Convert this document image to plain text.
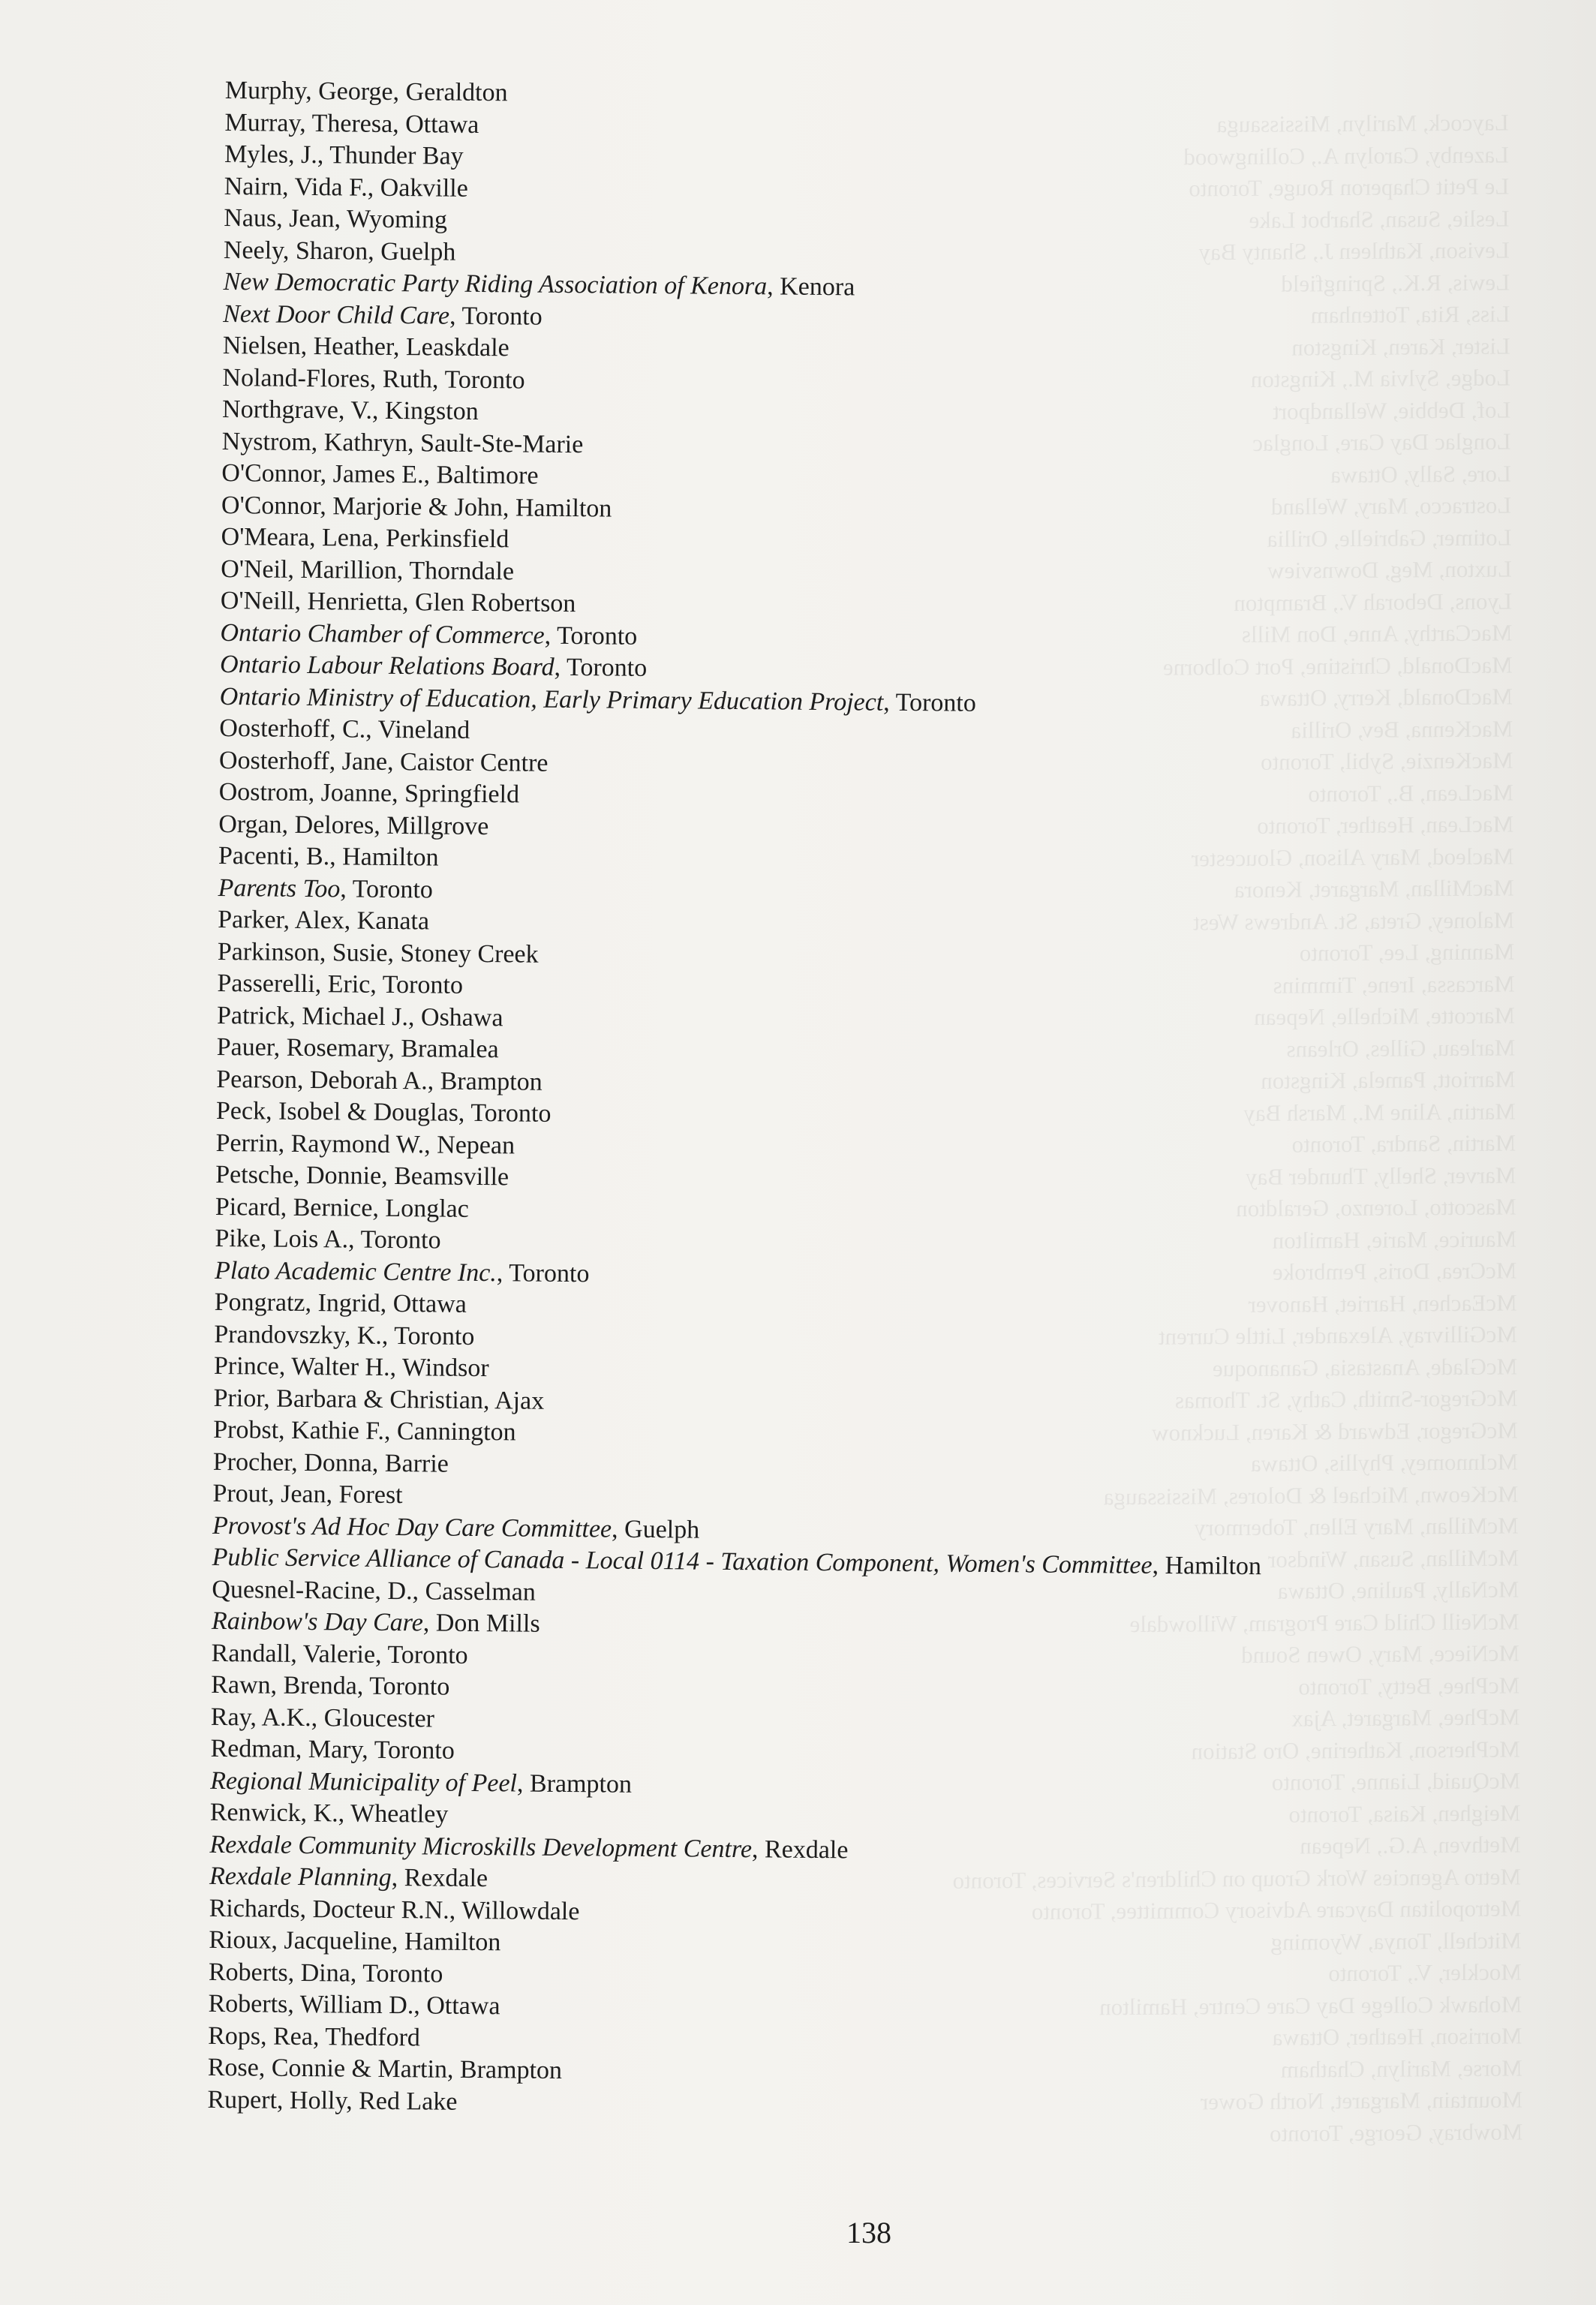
Laycock, Marilyn, Mississauga
Lazenby, Carolyn A., Collingwood
Le Petit Chaperon Rouge, Toronto
Leslie, Susan, Sharbot Lake
Levison, Kathleen J., Shanty Bay
Lewis, R.K., Springfield
Liss, Rita, Tottenham
Lister, Karen, Kingston
Lodge, Sylvia M., Kingston
Lof, Debbie, Wellandport
Longlac Day Care, Longlac
Lore, Sally, Ottawa
Lostracco, Mary, Welland
Lotimer, Gabrielle, Orillia
Luxton, Meg, Downsview
Lyons, Deborah V., Brampton
MacCarthy, Anne, Don Mills
MacDonald, Christine, Port Colborne
MacDonald, Kerry, Ottawa
MacKenna, Bev, Orillia
MacKenzie, Sybil, Toronto
MacLean, B., Toronto
MacLean, Heather, Toronto
Macleod, Mary Alison, Gloucester
MacMillan, Margaret, Kenora
Maloney, Greta, St. Andrews West
Manning, Lee, Toronto
Marcassa, Irene, Timmins
Marcotte, Michelle, Nepean
Marleau, Gilles, Orleans
Marriott, Pamela, Kingston
Martin, Aline M., Marsh Bay
Martin, Sandra, Toronto
Marver, Shelly, Thunder Bay
Mascotto, Lorenzo, Geraldton
Maurice, Marie, Hamilton
McCrea, Doris, Pembroke
McEachen, Harriet, Hanover
McGillivray, Alexander, Little Current
McGlade, Anastasia, Gananoque
McGregor-Smith, Cathy, St. Thomas
McGregor, Edward & Karen, Lucknow
McInnomey, Phyllis, Ottawa
McKeown, Michael & Dolores, Mississauga
McMillan, Mary Ellen, Tobermory
McMillan, Susan, Windsor
McNally, Pauline, Ottawa
McNeill Child Care Program, Willowdale
McNiece, Mary, Owen Sound
McPhee, Betty, Toronto
McPhee, Margaret, Ajax
McPherson, Katherine, Oro Station
McQuaid, Lianne, Toronto
Meighen, Kaisa, Toronto
Methven, A.G., Nepean
Metro Agencies Work Group on Children's Services, Toronto
Metropolitan Daycare Advisory Committee, Toronto
Mitchell, Tonya, Wyoming
Mockler, V., Toronto
Mohawk College Day Care Centre, Hamilton
Morrison, Heather, Ottawa
Morse, Marilyn, Chatham
Mountain, Margaret, North Gower
Mowbray, George, Toronto
Murphy, George, Geraldton
Murray, Theresa, Ottawa
Myles, J., Thunder Bay
Nairn, Vida F., Oakville
Naus, Jean, Wyoming
Neely, Sharon, Guelph
New Democratic Party Riding Association of Kenora, Kenora
Next Door Child Care, Toronto
Nielsen, Heather, Leaskdale
Noland-Flores, Ruth, Toronto
Northgrave, V., Kingston
Nystrom, Kathryn, Sault-Ste-Marie
O'Connor, James E., Baltimore
O'Connor, Marjorie & John, Hamilton
O'Meara, Lena, Perkinsfield
O'Neil, Marillion, Thorndale
O'Neill, Henrietta, Glen Robertson
Ontario Chamber of Commerce, Toronto
Ontario Labour Relations Board, Toronto
Ontario Ministry of Education, Early Primary Education Project, Toronto
Oosterhoff, C., Vineland
Oosterhoff, Jane, Caistor Centre
Oostrom, Joanne, Springfield
Organ, Delores, Millgrove
Pacenti, B., Hamilton
Parents Too, Toronto
Parker, Alex, Kanata
Parkinson, Susie, Stoney Creek
Passerelli, Eric, Toronto
Patrick, Michael J., Oshawa
Pauer, Rosemary, Bramalea
Pearson, Deborah A., Brampton
Peck, Isobel & Douglas, Toronto
Perrin, Raymond W., Nepean
Petsche, Donnie, Beamsville
Picard, Bernice, Longlac
Pike, Lois A., Toronto
Plato Academic Centre Inc., Toronto
Pongratz, Ingrid, Ottawa
Prandovszky, K., Toronto
Prince, Walter H., Windsor
Prior, Barbara & Christian, Ajax
Probst, Kathie F., Cannington
Procher, Donna, Barrie
Prout, Jean, Forest
Provost's Ad Hoc Day Care Committee, Guelph
Public Service Alliance of Canada - Local 0114 - Taxation Component, Women's Committee, Hamilton
Quesnel-Racine, D., Casselman
Rainbow's Day Care, Don Mills
Randall, Valerie, Toronto
Rawn, Brenda, Toronto
Ray, A.K., Gloucester
Redman, Mary, Toronto
Regional Municipality of Peel, Brampton
Renwick, K., Wheatley
Rexdale Community Microskills Development Centre, Rexdale
Rexdale Planning, Rexdale
Richards, Docteur R.N., Willowdale
Rioux, Jacqueline, Hamilton
Roberts, Dina, Toronto
Roberts, William D., Ottawa
Rops, Rea, Thedford
Rose, Connie & Martin, Brampton
Rupert, Holly, Red Lake
138
